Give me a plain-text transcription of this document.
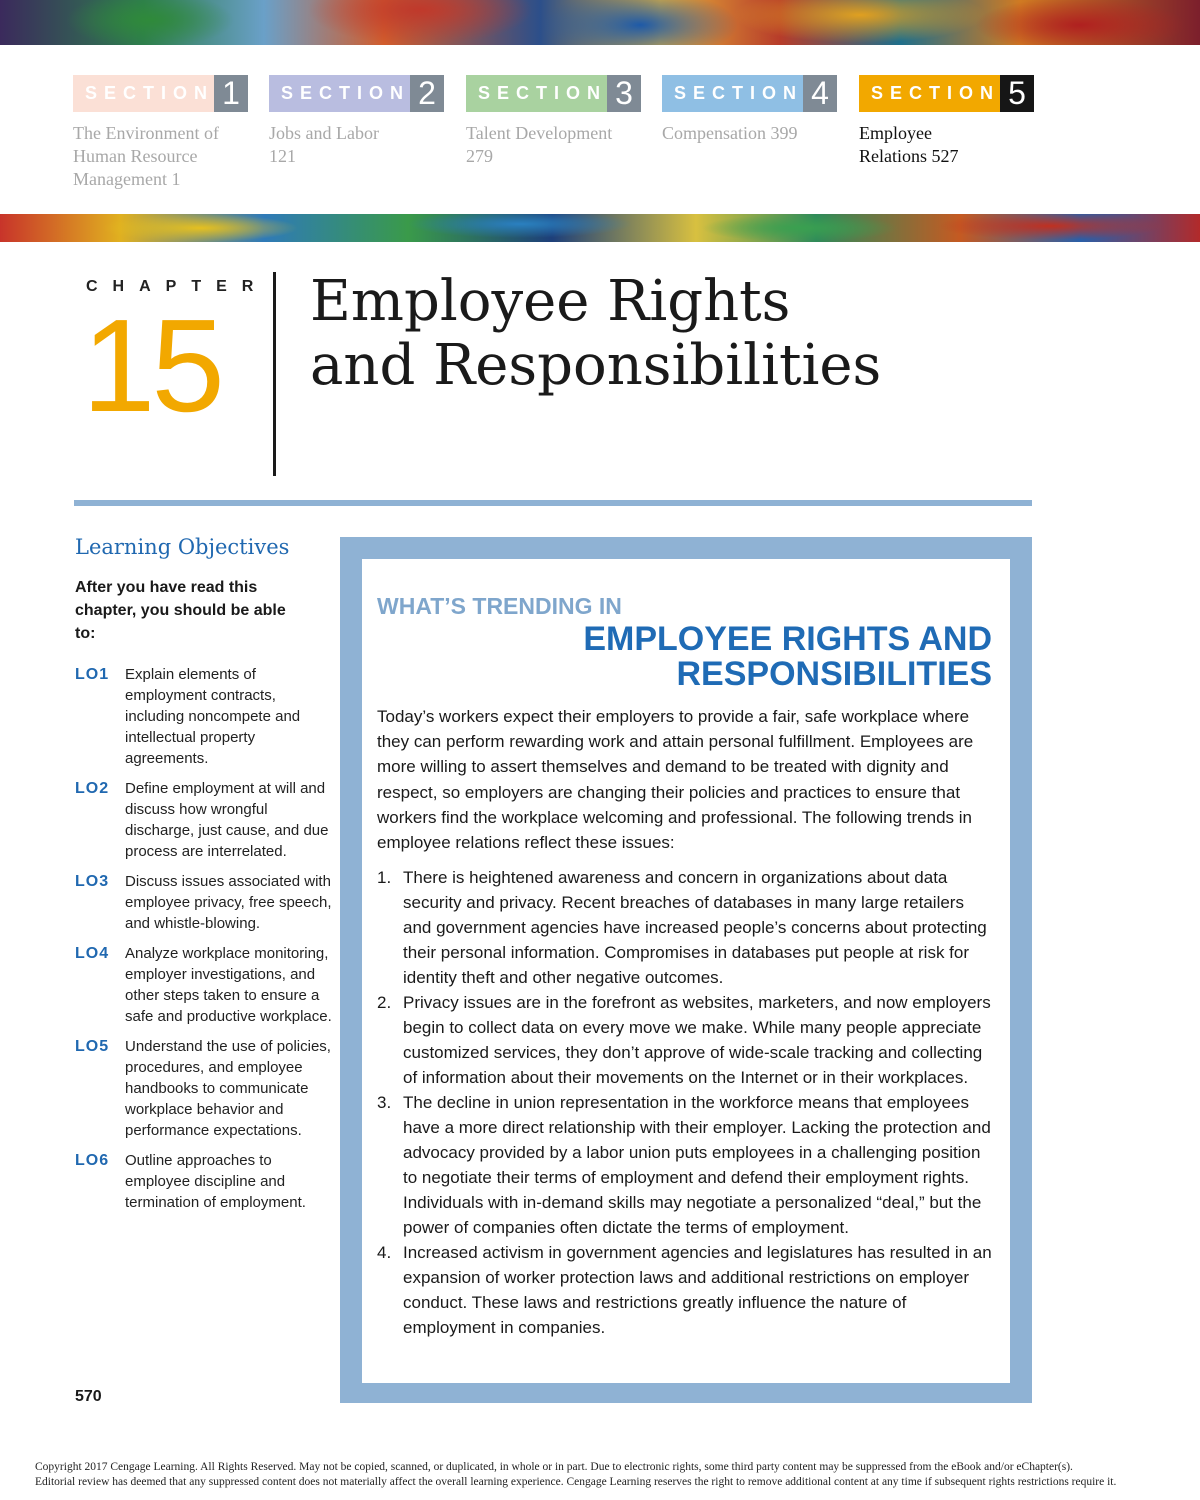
SECTION 1
The Environment of Human Resource Management 1
SECTION 2
Jobs and Labor 121
SECTION 3
Talent Development 279
SECTION 4
Compensation 399
SECTION 5
Employee Relations 527
CHAPTER
15 Employee Rights
and Responsibilities
Learning Objectives
After you have read this chapter, you should be able to:
LO1	Explain elements of employment contracts, including noncompete and intellectual property agreements.
LO2	Define employment at will and discuss how wrongful discharge, just cause, and due process are interrelated.
LO3	Discuss issues associated with employee privacy, free speech, and whistle-blowing.
LO4	Analyze workplace monitoring, employer investigations, and other steps taken to ensure a safe and productive workplace.
LO5	Understand the use of policies, procedures, and employee handbooks to communicate workplace behavior and performance expectations.
LO6	Outline approaches to employee discipline and termination of employment.
570
WHAT’S TRENDING IN
EMPLOYEE RIGHTS AND
RESPONSIBILITIES
Today’s workers expect their employers to provide a fair, safe workplace where they can perform rewarding work and attain personal fulfillment. Employees are more willing to assert themselves and demand to be treated with dignity and respect, so employers are changing their policies and practices to ensure that workers find the workplace welcoming and professional. The following trends in employee relations reflect these issues:
1. There is heightened awareness and concern in organizations about data security and privacy. Recent breaches of databases in many large retailers and government agencies have increased people’s concerns about protecting their personal information. Compromises in databases put people at risk for identity theft and other negative outcomes.
2. Privacy issues are in the forefront as websites, marketers, and now employers begin to collect data on every move we make. While many people appreciate customized services, they don’t approve of wide-scale tracking and collecting of information about their movements on the Internet or in their workplaces.
3. The decline in union representation in the workforce means that employees have a more direct relationship with their employer. Lacking the protection and advocacy provided by a labor union puts employees in a challenging position to negotiate their terms of employment and defend their employment rights. Individuals with in-demand skills may negotiate a personalized “deal,” but the power of companies often dictate the terms of employment.
4. Increased activism in government agencies and legislatures has resulted in an expansion of worker protection laws and additional restrictions on employer conduct. These laws and restrictions greatly influence the nature of employment in companies.
Copyright 2017 Cengage Learning. All Rights Reserved. May not be copied, scanned, or duplicated, in whole or in part. Due to electronic rights, some third party content may be suppressed from the eBook and/or eChapter(s).
Editorial review has deemed that any suppressed content does not materially affect the overall learning experience. Cengage Learning reserves the right to remove additional content at any time if subsequent rights restrictions require it.
